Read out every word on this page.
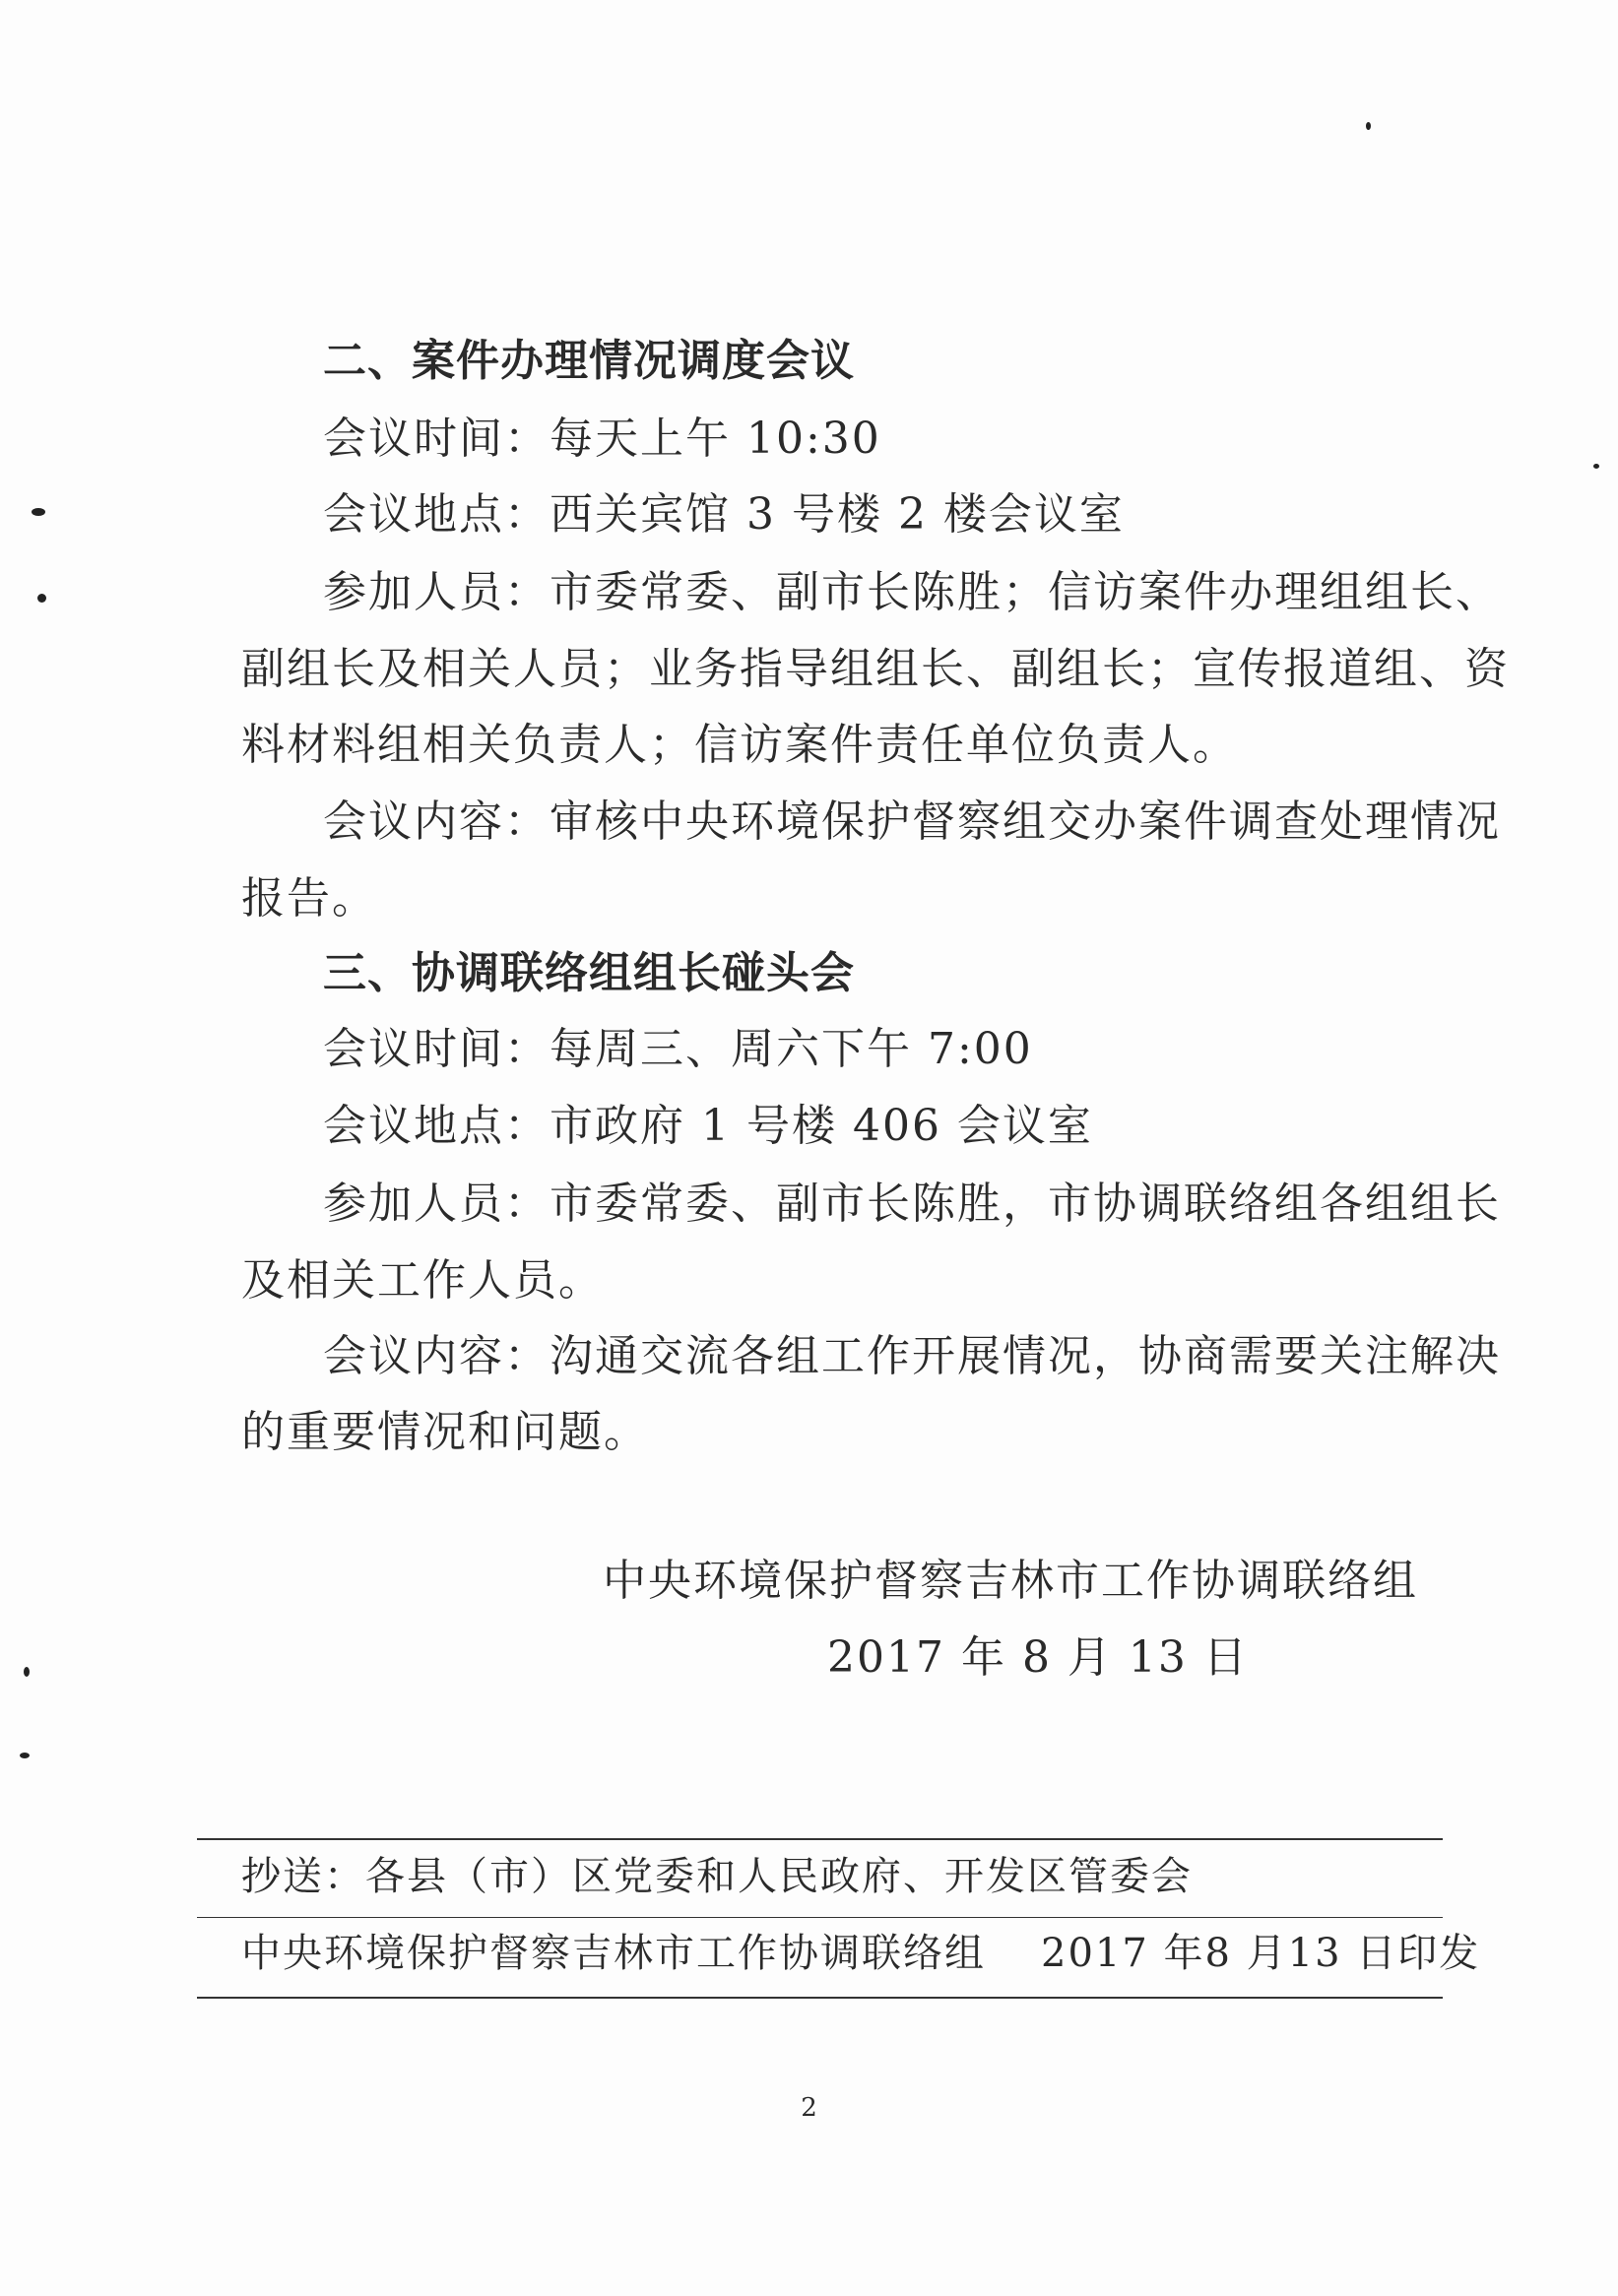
二、案件办理情况调度会议
会议时间：每天上午 10:30
会议地点：西关宾馆 3 号楼 2 楼会议室
参加人员：市委常委、副市长陈胜；信访案件办理组组长、
副组长及相关人员；业务指导组组长、副组长；宣传报道组、资
料材料组相关负责人；信访案件责任单位负责人。
会议内容：审核中央环境保护督察组交办案件调查处理情况
报告。
三、协调联络组组长碰头会
会议时间：每周三、周六下午 7:00
会议地点：市政府 1 号楼 406 会议室
参加人员：市委常委、副市长陈胜，市协调联络组各组组长
及相关工作人员。
会议内容：沟通交流各组工作开展情况，协商需要关注解决
的重要情况和问题。
中央环境保护督察吉林市工作协调联络组
2017 年 8 月 13 日
抄送：各县（市）区党委和人民政府、开发区管委会
中央环境保护督察吉林市工作协调联络组 2017 年8 月13 日印发
2
